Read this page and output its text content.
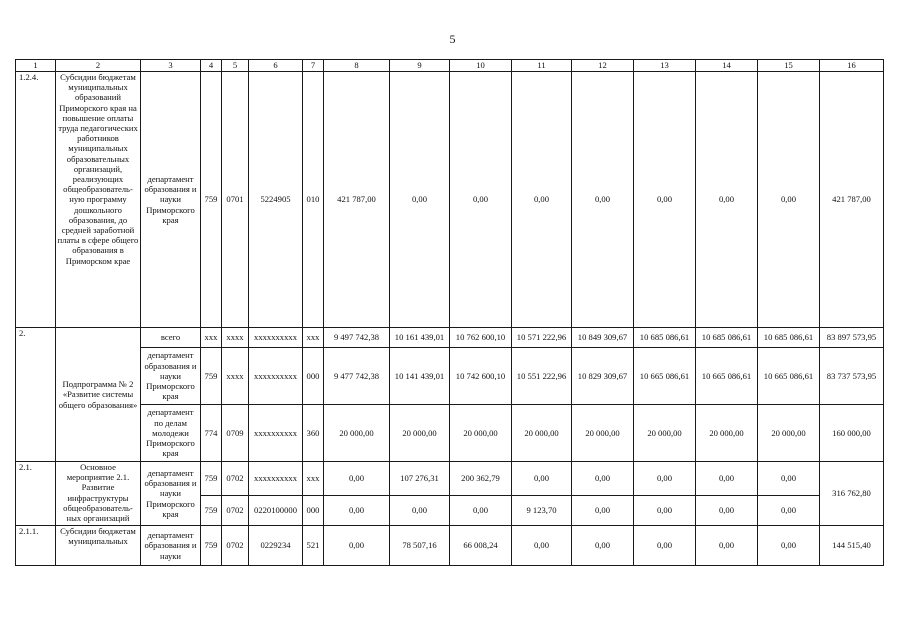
5
1	2	3	4	5	6	7	8	9	10	11	12	13	14	15	16
1.2.4.	Субсидии бюджетам муниципальных образований Приморского края на повышение оплаты труда педагогических работников муниципальных образовательных организаций, реализующих общеобразователь-ную программу дошкольного образования, до средней заработной платы в сфере общего образования в Приморском крае	департамент образования и науки Приморского края	759	0701	5224905	010	421 787,00	0,00	0,00	0,00	0,00	0,00	0,00	0,00	421 787,00
2.	Подпрограмма № 2 «Развитие системы общего образования»	всего	ххх	хххх	хххххххххх	ххх	9 497 742,38	10 161 439,01	10 762 600,10	10 571 222,96	10 849 309,67	10 685 086,61	10 685 086,61	10 685 086,61	83 897 573,95
		департамент образования и науки Приморского края	759	хххх	хххххххххх	000	9 477 742,38	10 141 439,01	10 742 600,10	10 551 222,96	10 829 309,67	10 665 086,61	10 665 086,61	10 665 086,61	83 737 573,95
		департамент по делам молодежи Приморского края	774	0709	хххххххххх	360	20 000,00	20 000,00	20 000,00	20 000,00	20 000,00	20 000,00	20 000,00	20 000,00	160 000,00
2.1.	Основное мероприятие 2.1. Развитие инфраструктуры общеобразователь-ных организаций	департамент образования и науки Приморского края	759	0702	хххххххххх	ххх	0,00	107 276,31	200 362,79	0,00	0,00	0,00	0,00	0,00	316 762,80
			759	0702	0220100000	000	0,00	0,00	0,00	9 123,70	0,00	0,00	0,00	0,00	
2.1.1.	Субсидии бюджетам муниципальных	департамент образования и науки	759	0702	0229234	521	0,00	78 507,16	66 008,24	0,00	0,00	0,00	0,00	0,00	144 515,40
